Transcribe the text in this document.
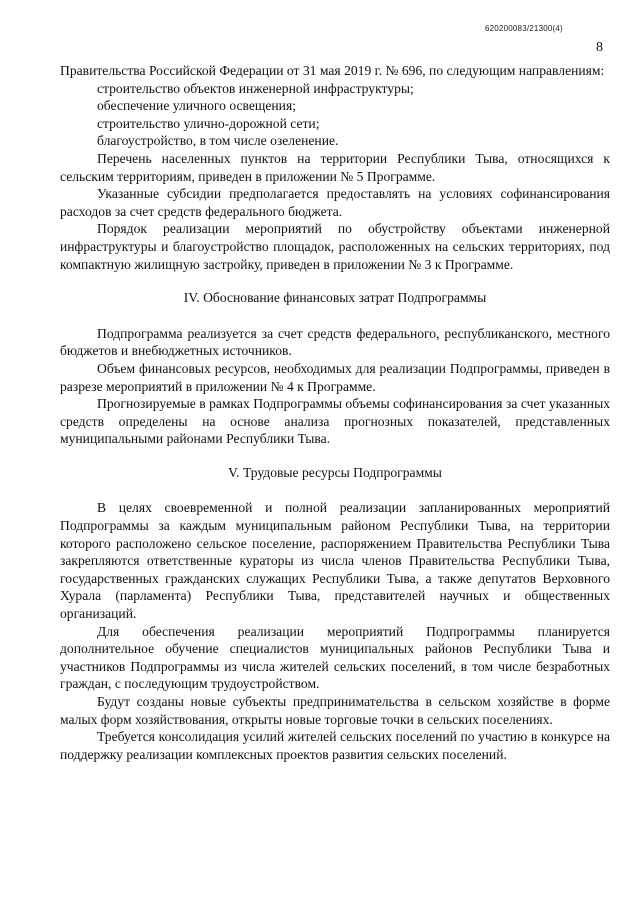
620200083/21300(4)
8

Правительства Российской Федерации от 31 мая 2019 г. № 696, по следующим направлениям:

строительство объектов инженерной инфраструктуры;

обеспечение уличного освещения;

строительство улично-дорожной сети;

благоустройство, в том числе озеленение.

Перечень населенных пунктов на территории Республики Тыва, относящихся к сельским территориям, приведен в приложении № 5 Программе.

Указанные субсидии предполагается предоставлять на условиях софинансирования расходов за счет средств федерального бюджета.

Порядок реализации мероприятий по обустройству объектами инженерной инфраструктуры и благоустройство площадок, расположенных на сельских территориях, под компактную жилищную застройку, приведен в приложении № 3 к Программе.

IV. Обоснование финансовых затрат Подпрограммы

Подпрограмма реализуется за счет средств федерального, республиканского, местного бюджетов и внебюджетных источников.

Объем финансовых ресурсов, необходимых для реализации Подпрограммы, приведен в разрезе мероприятий в приложении № 4 к Программе.

Прогнозируемые в рамках Подпрограммы объемы софинансирования за счет указанных средств определены на основе анализа прогнозных показателей, представленных муниципальными районами Республики Тыва.

V. Трудовые ресурсы Подпрограммы

В целях своевременной и полной реализации запланированных мероприятий Подпрограммы за каждым муниципальным районом Республики Тыва, на территории которого расположено сельское поселение, распоряжением Правительства Республики Тыва закрепляются ответственные кураторы из числа членов Правительства Республики Тыва, государственных гражданских служащих Республики Тыва, а также депутатов Верховного Хурала (парламента) Республики Тыва, представителей научных и общественных организаций.

Для обеспечения реализации мероприятий Подпрограммы планируется дополнительное обучение специалистов муниципальных районов Республики Тыва и участников Подпрограммы из числа жителей сельских поселений, в том числе безработных граждан, с последующим трудоустройством.

Будут созданы новые субъекты предпринимательства в сельском хозяйстве в форме малых форм хозяйствования, открыты новые торговые точки в сельских поселениях.

Требуется консолидация усилий жителей сельских поселений по участию в конкурсе на поддержку реализации комплексных проектов развития сельских поселений.
